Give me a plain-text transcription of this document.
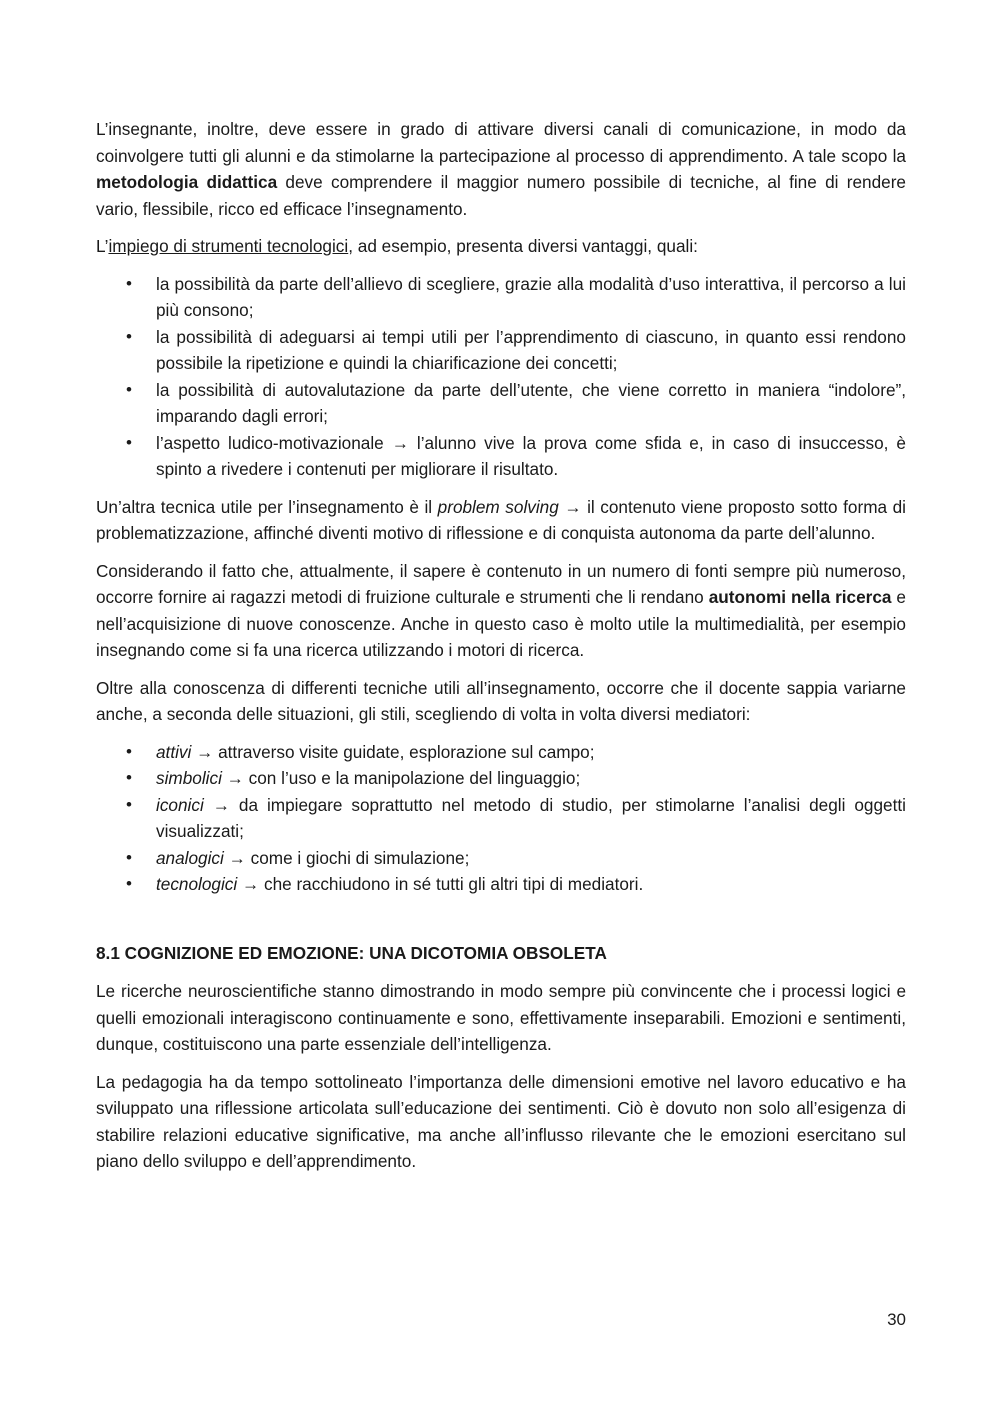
L’insegnante, inoltre, deve essere in grado di attivare diversi canali di comunicazione, in modo da coinvolgere tutti gli alunni e da stimolarne la partecipazione al processo di apprendimento. A tale scopo la metodologia didattica deve comprendere il maggior numero possibile di tecniche, al fine di rendere vario, flessibile, ricco ed efficace l’insegnamento.

L’impiego di strumenti tecnologici, ad esempio, presenta diversi vantaggi, quali:

• la possibilità da parte dell’allievo di scegliere, grazie alla modalità d’uso interattiva, il percorso a lui più consono;
• la possibilità di adeguarsi ai tempi utili per l’apprendimento di ciascuno, in quanto essi rendono possibile la ripetizione e quindi la chiarificazione dei concetti;
• la possibilità di autovalutazione da parte dell’utente, che viene corretto in maniera “indolore”, imparando dagli errori;
• l’aspetto ludico-motivazionale → l’alunno vive la prova come sfida e, in caso di insuccesso, è spinto a rivedere i contenuti per migliorare il risultato.

Un’altra tecnica utile per l’insegnamento è il problem solving → il contenuto viene proposto sotto forma di problematizzazione, affinché diventi motivo di riflessione e di conquista autonoma da parte dell’alunno.

Considerando il fatto che, attualmente, il sapere è contenuto in un numero di fonti sempre più numeroso, occorre fornire ai ragazzi metodi di fruizione culturale e strumenti che li rendano autonomi nella ricerca e nell’acquisizione di nuove conoscenze. Anche in questo caso è molto utile la multimedialità, per esempio insegnando come si fa una ricerca utilizzando i motori di ricerca.

Oltre alla conoscenza di differenti tecniche utili all’insegnamento, occorre che il docente sappia variarne anche, a seconda delle situazioni, gli stili, scegliendo di volta in volta diversi mediatori:

• attivi → attraverso visite guidate, esplorazione sul campo;
• simbolici → con l’uso e la manipolazione del linguaggio;
• iconici → da impiegare soprattutto nel metodo di studio, per stimolarne l’analisi degli oggetti visualizzati;
• analogici → come i giochi di simulazione;
• tecnologici → che racchiudono in sé tutti gli altri tipi di mediatori.
8.1 COGNIZIONE ED EMOZIONE: UNA DICOTOMIA OBSOLETA

Le ricerche neuroscientifiche stanno dimostrando in modo sempre più convincente che i processi logici e quelli emozionali interagiscono continuamente e sono, effettivamente inseparabili. Emozioni e sentimenti, dunque, costituiscono una parte essenziale dell’intelligenza.

La pedagogia ha da tempo sottolineato l’importanza delle dimensioni emotive nel lavoro educativo e ha sviluppato una riflessione articolata sull’educazione dei sentimenti. Ciò è dovuto non solo all’esigenza di stabilire relazioni educative significative, ma anche all’influsso rilevante che le emozioni esercitano sul piano dello sviluppo e dell’apprendimento.

30
